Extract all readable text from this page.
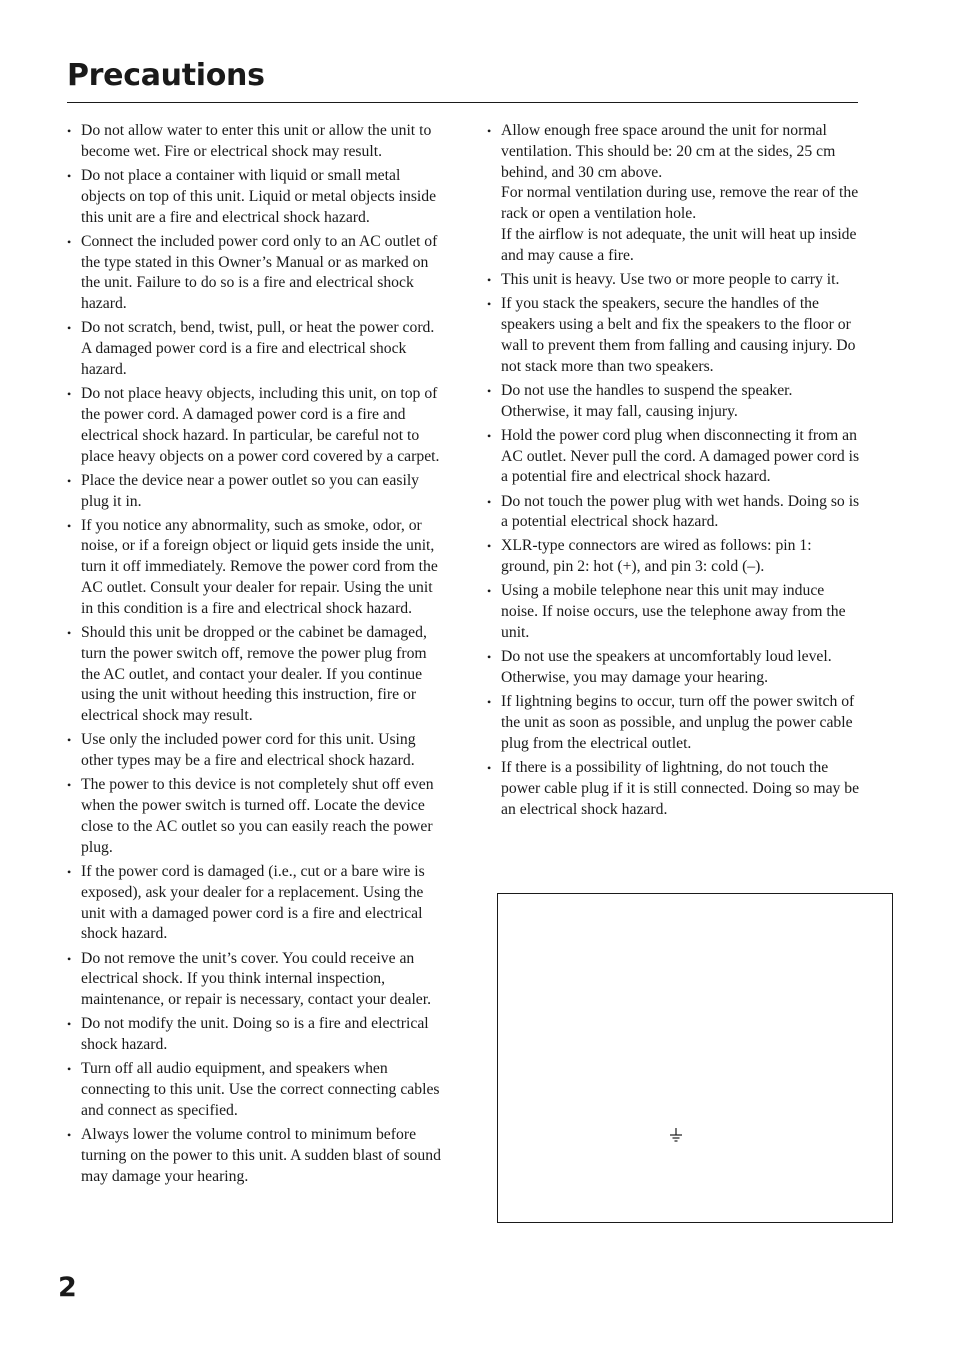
Precautions
• Do not allow water to enter this unit or allow the unit to become wet. Fire or electrical shock may result.
• Do not place a container with liquid or small metal objects on top of this unit. Liquid or metal objects inside this unit are a fire and electrical shock hazard.
• Connect the included power cord only to an AC outlet of the type stated in this Owner’s Manual or as marked on the unit. Failure to do so is a fire and electrical shock hazard.
• Do not scratch, bend, twist, pull, or heat the power cord. A damaged power cord is a fire and electrical shock hazard.
• Do not place heavy objects, including this unit, on top of the power cord. A damaged power cord is a fire and electrical shock hazard. In particular, be careful not to place heavy objects on a power cord covered by a carpet.
• Place the device near a power outlet so you can easily plug it in.
• If you notice any abnormality, such as smoke, odor, or noise, or if a foreign object or liquid gets inside the unit, turn it off immediately. Remove the power cord from the AC outlet. Consult your dealer for repair. Using the unit in this condition is a fire and electrical shock hazard.
• Should this unit be dropped or the cabinet be damaged, turn the power switch off, remove the power plug from the AC outlet, and contact your dealer. If you continue using the unit without heeding this instruction, fire or electrical shock may result.
• Use only the included power cord for this unit. Using other types may be a fire and electrical shock hazard.
• The power to this device is not completely shut off even when the power switch is turned off. Locate the device close to the AC outlet so you can easily reach the power plug.
• If the power cord is damaged (i.e., cut or a bare wire is exposed), ask your dealer for a replacement. Using the unit with a damaged power cord is a fire and electrical shock hazard.
• Do not remove the unit’s cover. You could receive an electrical shock. If you think internal inspection, maintenance, or repair is necessary, contact your dealer.
• Do not modify the unit. Doing so is a fire and electrical shock hazard.
• Turn off all audio equipment, and speakers when connecting to this unit. Use the correct connecting cables and connect as specified.
• Always lower the volume control to minimum before turning on the power to this unit. A sudden blast of sound may damage your hearing.
• Allow enough free space around the unit for normal ventilation. This should be: 20 cm at the sides, 25 cm behind, and 30 cm above.
For normal ventilation during use, remove the rear of the rack or open a ventilation hole.
If the airflow is not adequate, the unit will heat up inside and may cause a fire.
• This unit is heavy. Use two or more people to carry it.
• If you stack the speakers, secure the handles of the speakers using a belt and fix the speakers to the floor or wall to prevent them from falling and causing injury. Do not stack more than two speakers.
• Do not use the handles to suspend the speaker. Otherwise, it may fall, causing injury.
• Hold the power cord plug when disconnecting it from an AC outlet. Never pull the cord. A damaged power cord is a potential fire and electrical shock hazard.
• Do not touch the power plug with wet hands. Doing so is a potential electrical shock hazard.
• XLR-type connectors are wired as follows: pin 1: ground, pin 2: hot (+), and pin 3: cold (–).
• Using a mobile telephone near this unit may induce noise. If noise occurs, use the telephone away from the unit.
• Do not use the speakers at uncomfortably loud level. Otherwise, you may damage your hearing.
• If lightning begins to occur, turn off the power switch of the unit as soon as possible, and unplug the power cable plug from the electrical outlet.
• If there is a possibility of lightning, do not touch the power cable plug if it is still connected. Doing so may be an electrical shock hazard.
2
